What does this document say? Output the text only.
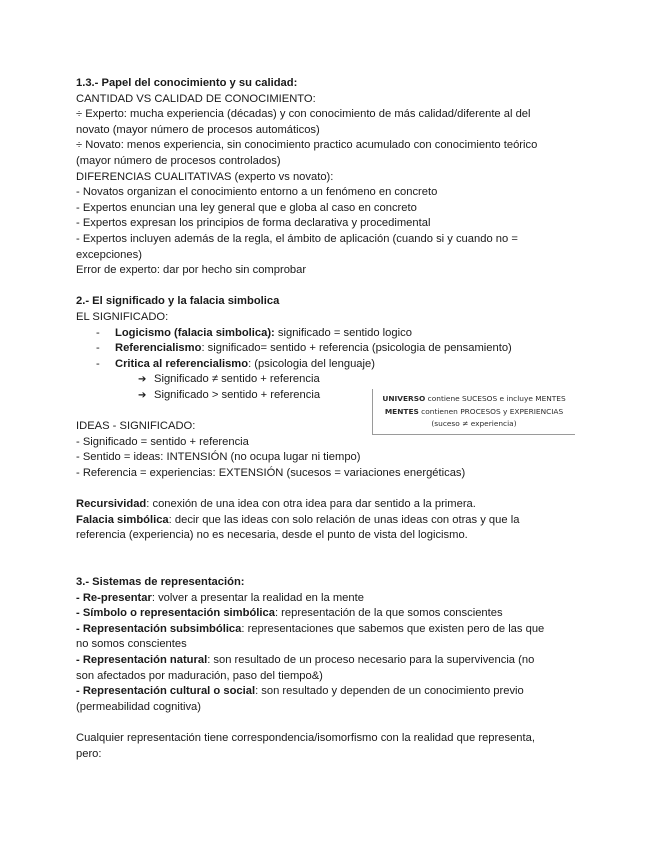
1.3.- Papel del conocimiento y su calidad:
CANTIDAD VS CALIDAD DE CONOCIMIENTO:
÷ Experto: mucha experiencia (décadas) y con conocimiento de más calidad/diferente al del
novato (mayor número de procesos automáticos)
÷ Novato: menos experiencia, sin conocimiento practico acumulado con conocimiento teórico
(mayor número de procesos controlados)
DIFERENCIAS CUALITATIVAS (experto vs novato):
- Novatos organizan el conocimiento entorno a un fenómeno en concreto
- Expertos enuncian una ley general que e globa al caso en concreto
- Expertos expresan los principios de forma declarativa y procedimental
- Expertos incluyen además de la regla, el ámbito de aplicación (cuando si y cuando no =
excepciones)
Error de experto: dar por hecho sin comprobar
2.- El significado y la falacia simbolica
EL SIGNIFICADO:
- Logicismo (falacia simbolica): significado = sentido logico
- Referencialismo: significado= sentido + referencia (psicologia de pensamiento)
- Critica al referencialismo: (psicologia del lenguaje)
➔ Significado ≠ sentido + referencia
➔ Significado > sentido + referencia
IDEAS - SIGNIFICADO:
- Significado = sentido + referencia
- Sentido = ideas: INTENSIÓN (no ocupa lugar ni tiempo)
- Referencia = experiencias: EXTENSIÓN (sucesos = variaciones energéticas)
Recursividad: conexión de una idea con otra idea para dar sentido a la primera.
Falacia simbólica: decir que las ideas con solo relación de unas ideas con otras y que la
referencia (experiencia) no es necesaria, desde el punto de vista del logicismo.
3.- Sistemas de representación:
- Re-presentar: volver a presentar la realidad en la mente
- Símbolo o representación simbólica: representación de la que somos conscientes
- Representación subsimbólica: representaciones que sabemos que existen pero de las que
no somos conscientes
- Representación natural: son resultado de un proceso necesario para la supervivencia (no
son afectados por maduración, paso del tiempo&)
- Representación cultural o social: son resultado y dependen de un conocimiento previo
(permeabilidad cognitiva)
Cualquier representación tiene correspondencia/isomorfismo con la realidad que representa,
pero:
UNIVERSO contiene SUCESOS e incluye MENTES
MENTES contienen PROCESOS y EXPERIENCIAS
(suceso ≠ experiencia)
